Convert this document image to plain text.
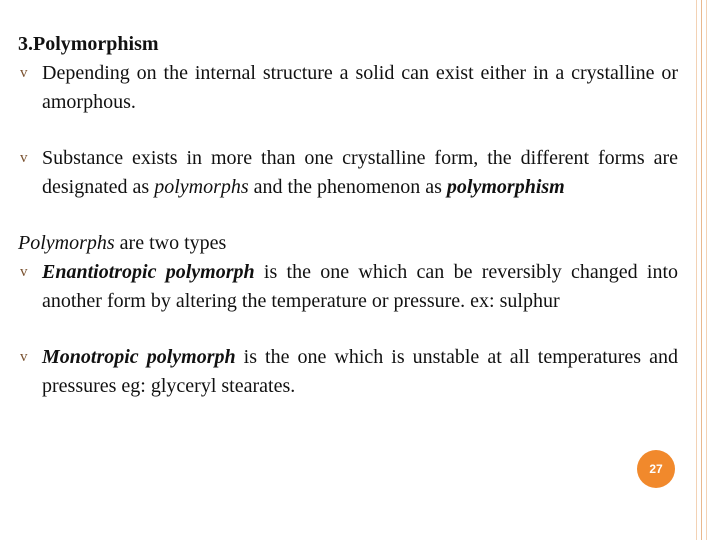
3.Polymorphism

v Depending on the internal structure a solid can exist either in a crystalline or amorphous.

v Substance exists in more than one crystalline form, the different forms are designated as polymorphs and the phenomenon as polymorphism

Polymorphs are two types

v Enantiotropic polymorph is the one which can be reversibly changed into another form by altering the temperature or pressure. ex: sulphur

v Monotropic polymorph is the one which is unstable at all temperatures and pressures eg: glyceryl stearates.

27
